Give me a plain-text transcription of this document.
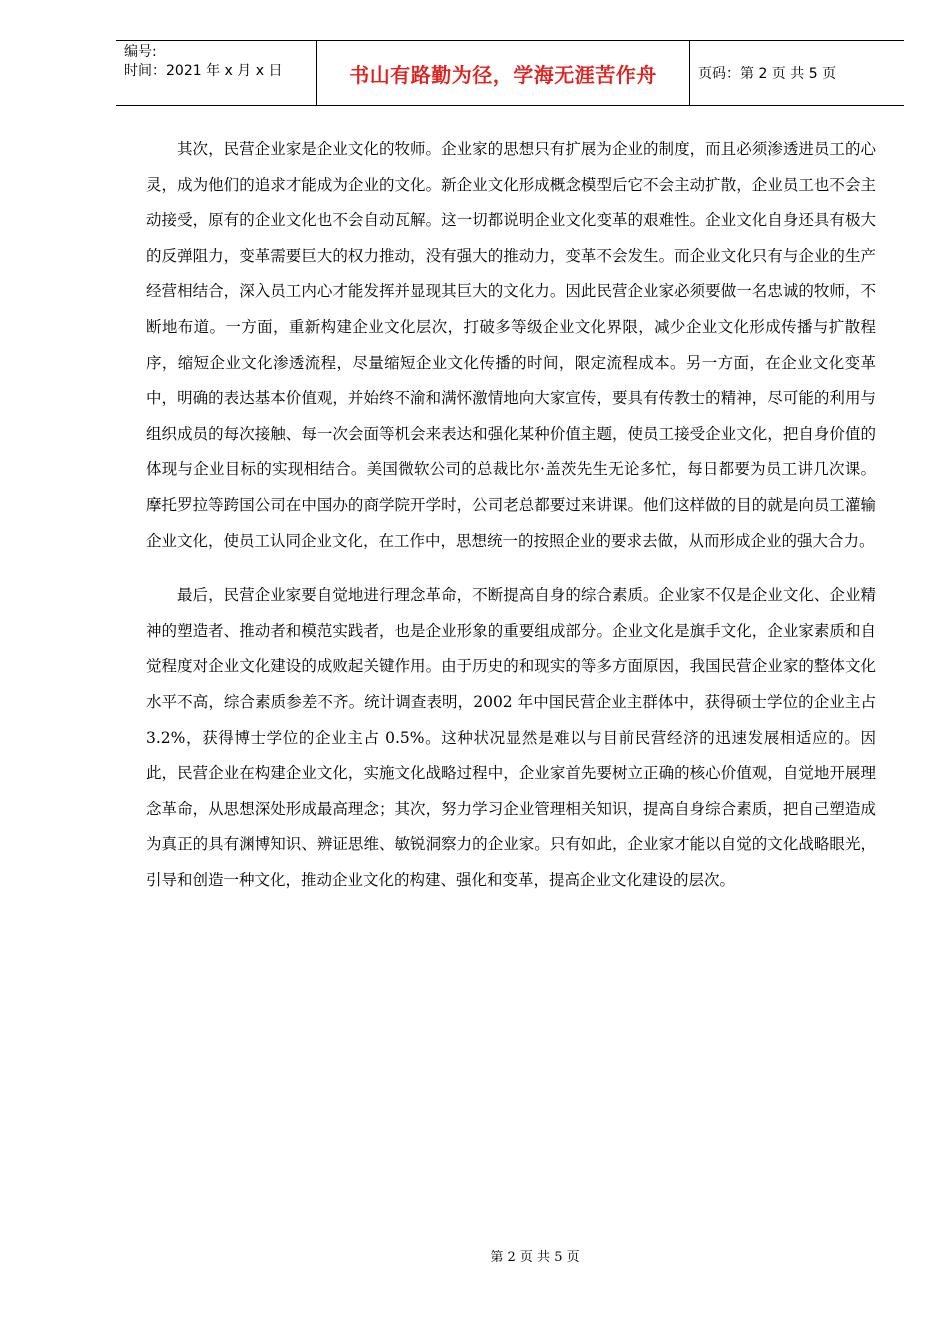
编号:
时间：2021 年 x 月 x 日	书山有路勤为径，学海无涯苦作舟	页码：第 2 页 共 5 页

其次，民营企业家是企业文化的牧师。企业家的思想只有扩展为企业的制度，而且必须渗透进员工的心灵，成为他们的追求才能成为企业的文化。新企业文化形成概念模型后它不会主动扩散，企业员工也不会主动接受，原有的企业文化也不会自动瓦解。这一切都说明企业文化变革的艰难性。企业文化自身还具有极大的反弹阻力，变革需要巨大的权力推动，没有强大的推动力，变革不会发生。而企业文化只有与企业的生产经营相结合，深入员工内心才能发挥并显现其巨大的文化力。因此民营企业家必须要做一名忠诚的牧师，不断地布道。一方面，重新构建企业文化层次，打破多等级企业文化界限，减少企业文化形成传播与扩散程序，缩短企业文化渗透流程，尽量缩短企业文化传播的时间，限定流程成本。另一方面，在企业文化变革中，明确的表达基本价值观，并始终不渝和满怀激情地向大家宣传，要具有传教士的精神，尽可能的利用与组织成员的每次接触、每一次会面等机会来表达和强化某种价值主题，使员工接受企业文化，把自身价值的体现与企业目标的实现相结合。美国微软公司的总裁比尔·盖茨先生无论多忙，每日都要为员工讲几次课。摩托罗拉等跨国公司在中国办的商学院开学时，公司老总都要过来讲课。他们这样做的目的就是向员工灌输企业文化，使员工认同企业文化，在工作中，思想统一的按照企业的要求去做，从而形成企业的强大合力。

最后，民营企业家要自觉地进行理念革命，不断提高自身的综合素质。企业家不仅是企业文化、企业精神的塑造者、推动者和模范实践者，也是企业形象的重要组成部分。企业文化是旗手文化，企业家素质和自觉程度对企业文化建设的成败起关键作用。由于历史的和现实的等多方面原因，我国民营企业家的整体文化水平不高，综合素质参差不齐。统计调查表明，2002 年中国民营企业主群体中，获得硕士学位的企业主占 3.2%，获得博士学位的企业主占 0.5%。这种状况显然是难以与目前民营经济的迅速发展相适应的。因此，民营企业在构建企业文化，实施文化战略过程中，企业家首先要树立正确的核心价值观，自觉地开展理念革命，从思想深处形成最高理念；其次，努力学习企业管理相关知识，提高自身综合素质，把自己塑造成为真正的具有渊博知识、辨证思维、敏锐洞察力的企业家。只有如此，企业家才能以自觉的文化战略眼光，引导和创造一种文化，推动企业文化的构建、强化和变革，提高企业文化建设的层次。

第 2 页 共 5 页
